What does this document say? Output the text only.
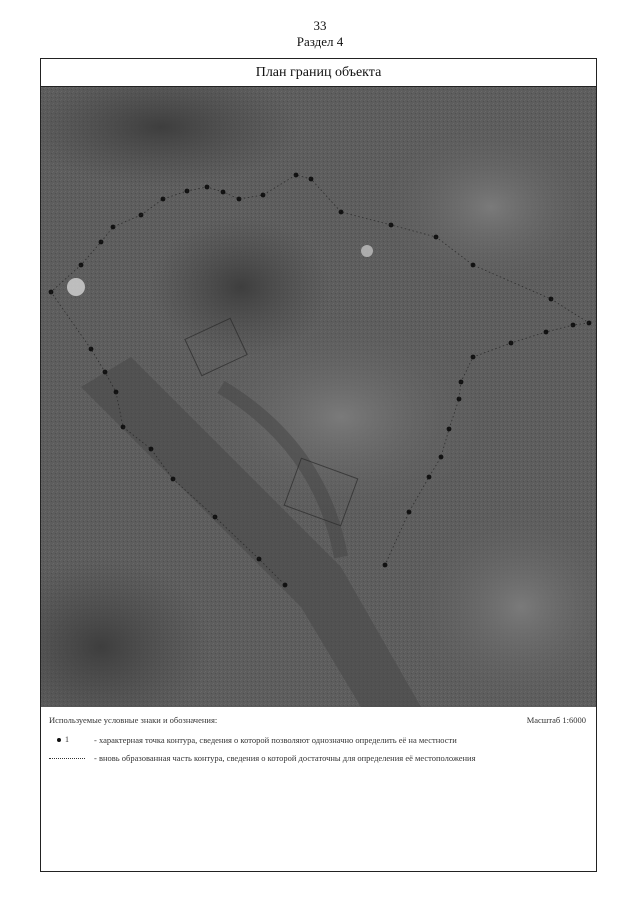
33
Раздел 4
План границ объекта
Используемые условные знаки и обозначения:	Масштаб 1:6000
1	- характерная точка контура, сведения о которой позволяют однозначно определить её на местности
- вновь образованная часть контура, сведения о которой достаточны для определения её местоположения
